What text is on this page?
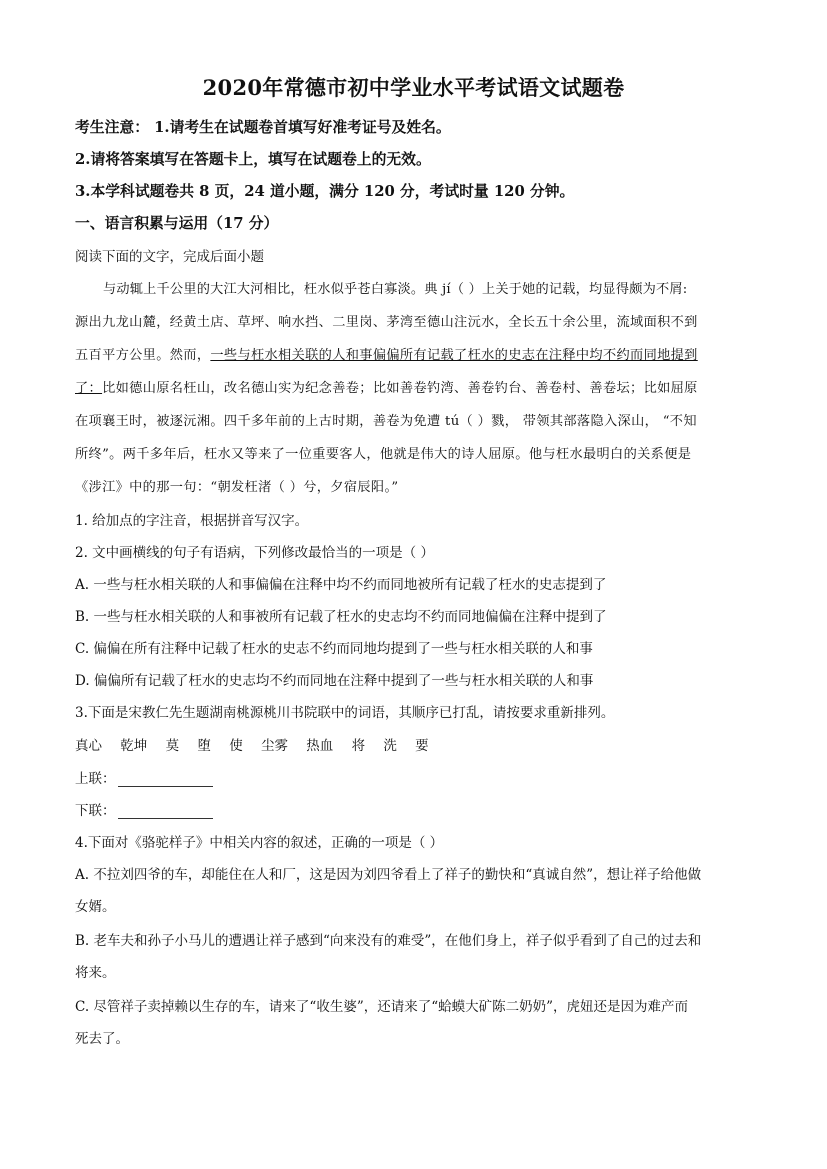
2020年常德市初中学业水平考试语文试题卷
考生注意： 1.请考生在试题卷首填写好准考证号及姓名。
2.请将答案填写在答题卡上，填写在试题卷上的无效。
3.本学科试题卷共 8 页，24 道小题，满分 120 分，考试时量 120 分钟。
一、语言积累与运用（17 分）
阅读下面的文字，完成后面小题
与动辄上千公里的大江大河相比，枉水似乎苍白寡淡。典 jí（ ）上关于她的记载，均显得颇为不屑:
源出九龙山麓，经黄土店、草坪、响水挡、二里岗、茅湾至德山注沅水，全长五十余公里，流域面积不到
五百平方公里。然而，一些与枉水相关联的人和事偏偏所有记载了枉水的史志在注释中均不约而同地提到
了：比如德山原名枉山，改名德山实为纪念善卷；比如善卷钓湾、善卷钓台、善卷村、善卷坛；比如屈原
在项襄王时，被逐沅湘。四千多年前的上古时期，善卷为免遭 tú（ ）戮， 带领其部落隐入深山， “不知
所终”。两千多年后，枉水又等来了一位重要客人，他就是伟大的诗人屈原。他与枉水最明白的关系便是
《涉江》中的那一句：“朝发枉渚（ ）兮，夕宿辰阳。”
1. 给加点的字注音，根据拼音写汉字。
2. 文中画横线的句子有语病，下列修改最恰当的一项是（ ）
A. 一些与枉水相关联的人和事偏偏在注释中均不约而同地被所有记载了枉水的史志提到了
B. 一些与枉水相关联的人和事被所有记载了枉水的史志均不约而同地偏偏在注释中提到了
C. 偏偏在所有注释中记载了枉水的史志不约而同地均提到了一些与枉水相关联的人和事
D. 偏偏所有记载了枉水的史志均不约而同地在注释中提到了一些与枉水相关联的人和事
3.下面是宋教仁先生题湖南桃源桃川书院联中的词语，其顺序已打乱，请按要求重新排列。
真心 乾坤 莫 堕 使 尘雾 热血 将 洗 要
上联：
下联：
4.下面对《骆驼样子》中相关内容的叙述，正确的一项是（ ）
A. 不拉刘四爷的车，却能住在人和厂，这是因为刘四爷看上了祥子的勤快和“真诚自然”，想让祥子给他做
女婿。
B. 老车夫和孙子小马儿的遭遇让祥子感到“向来没有的难受”，在他们身上，祥子似乎看到了自己的过去和
将来。
C. 尽管祥子卖掉赖以生存的车，请来了“收生婆”，还请来了“蛤蟆大矿陈二奶奶”，虎妞还是因为难产而
死去了。
